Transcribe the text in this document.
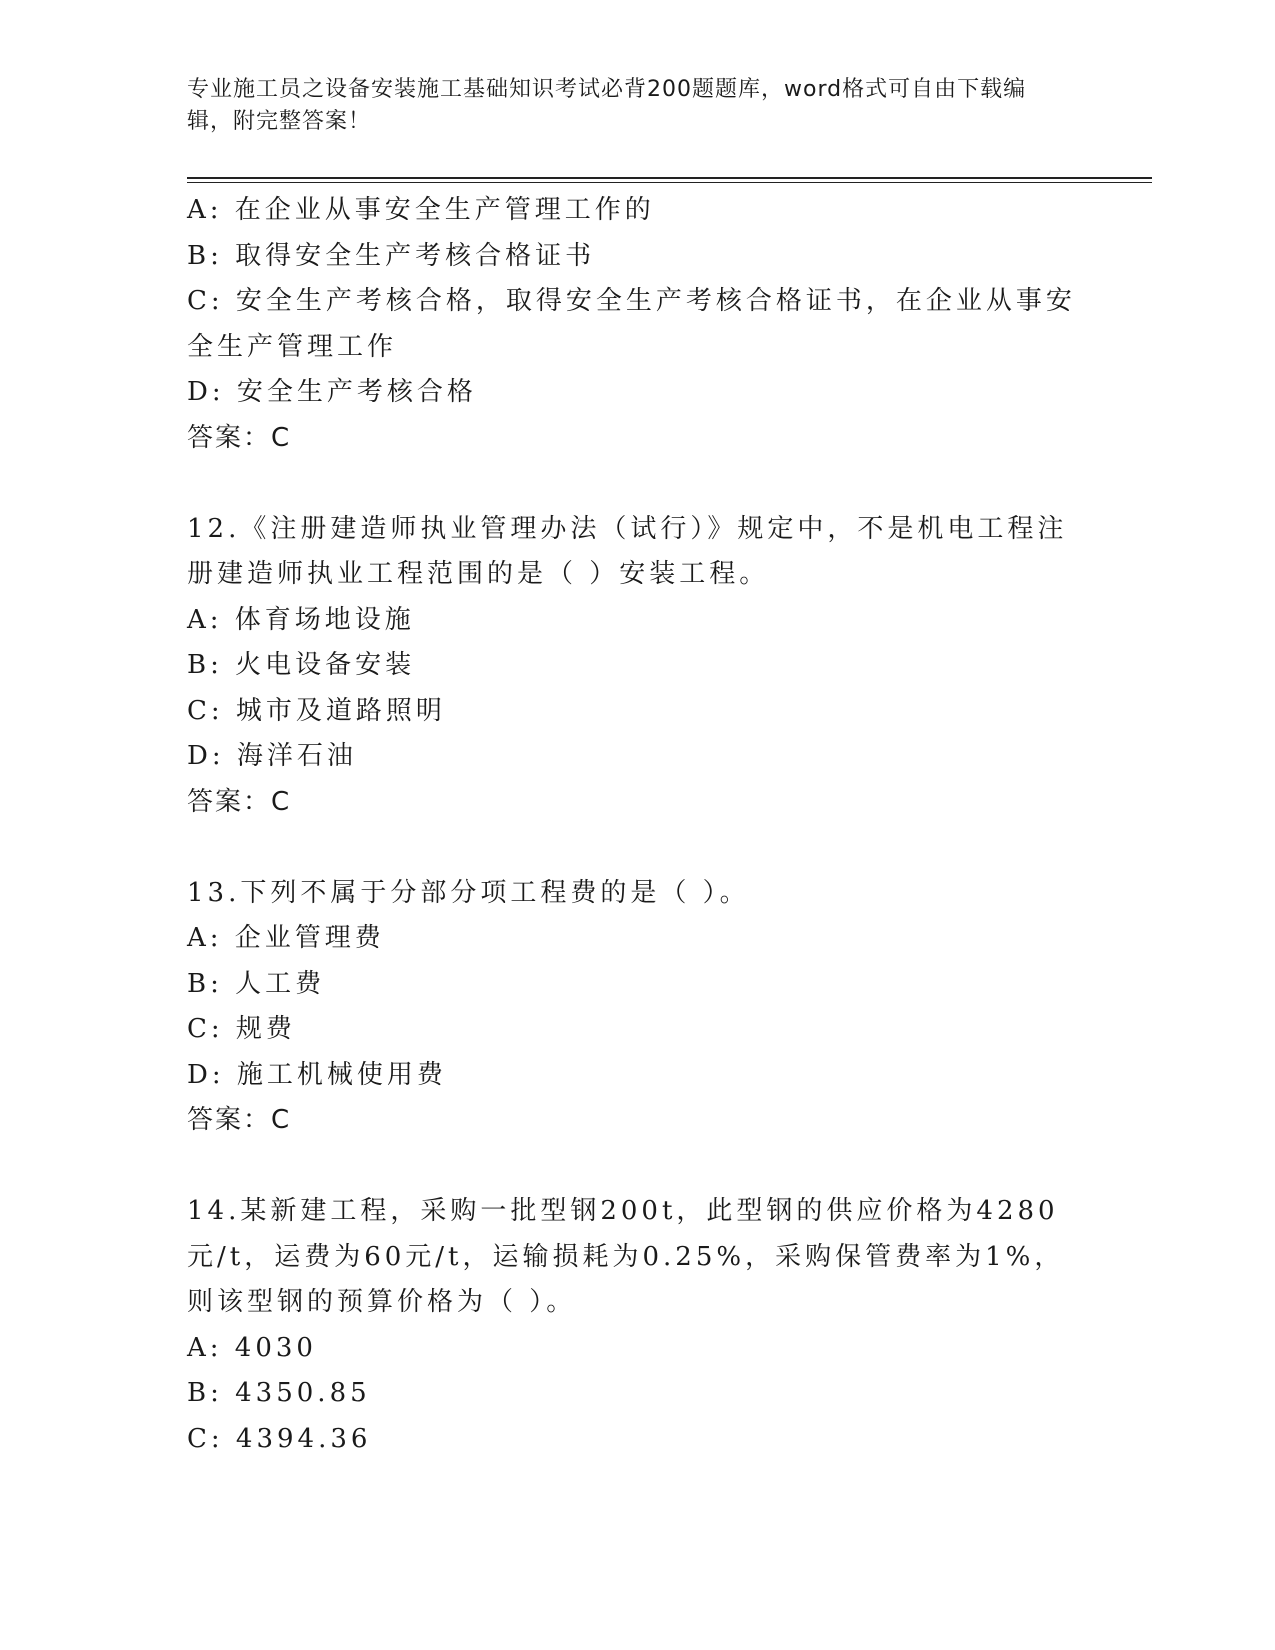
专业施工员之设备安装施工基础知识考试必背200题题库，word格式可自由下载编辑，附完整答案！
A: 在企业从事安全生产管理工作的
B: 取得安全生产考核合格证书
C: 安全生产考核合格，取得安全生产考核合格证书，在企业从事安全生产管理工作
D: 安全生产考核合格
答案：C
12.《注册建造师执业管理办法（试行）》规定中，不是机电工程注册建造师执业工程范围的是（ ）安装工程。
A: 体育场地设施
B: 火电设备安装
C: 城市及道路照明
D: 海洋石油
答案：C
13.下列不属于分部分项工程费的是（ ）。
A: 企业管理费
B: 人工费
C: 规费
D: 施工机械使用费
答案：C
14.某新建工程，采购一批型钢200t，此型钢的供应价格为4280元/t，运费为60元/t，运输损耗为0.25%，采购保管费率为1%，则该型钢的预算价格为（ ）。
A: 4030
B: 4350.85
C: 4394.36
